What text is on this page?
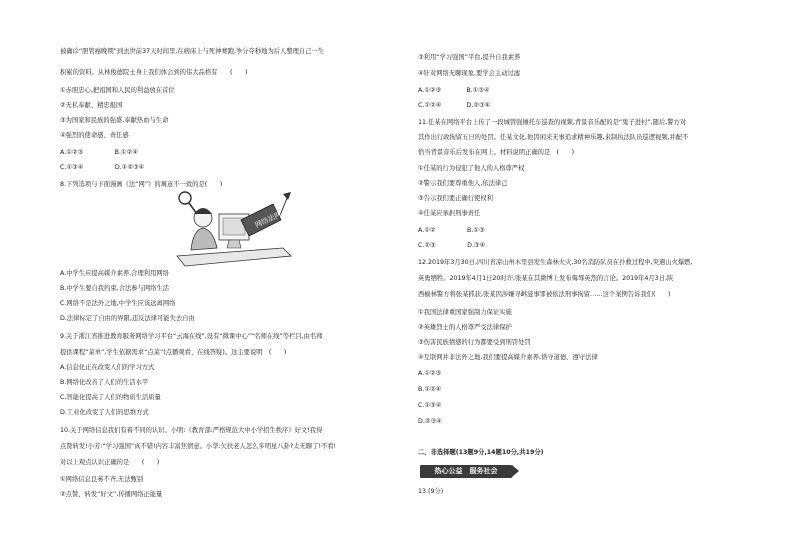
被确诊“胆管癌晚期”到去世前37天时间里,在病床上与死神赛跑,争分夺秒地为后人整理自己一生
积累的资料。从林俊德院士身上我们体会到的伟大品格有　　(　　)
①赤胆忠心,把祖国和人民的利益放在首位
②无私奉献、精忠报国
③为国家和民族的强盛,奉献热血与生命
④强烈的使命感、责任感
A.①②③　　　　　B.①②④
C.①③④　　　　　D.①②③④
8.下列选项与下面漫画《法“网”》的寓意不一致的是(　　)
A.中学生应提高媒介素养,合理利用网络
B.中学生要自我约束,合法参与网络生活
C.网络不是法外之地,中学生应该远离网络
D.法律标定了自由的界限,违反法律可能失去自由
9.关于浙江省推进教育服务网络学习平台“云海在线”,设有“微课中心”“名师在线”等栏目,由名师
提供课程“菜单”,学生依据需求“点菜”(点播观看、在线答疑)。这主要说明　(　　)
A.信息化正在改变人们的学习方式
B.网络化改善了人们的生活水平
C.智能化提高了人们的物质生活质量
D.工业化改变了人们的思维方式
10.关于网络信息我们有着不同的认识。小明:《教育部:严格规范大中小学招生秩序》好文!我得
点赞转发!小芳:“学习强国”真不错!内容丰富焦情意。小华:欠扶老人怎么多明星八卦?太无聊了!不看!
对以上观点认识正确的是　　(　　)
①网络信息良莠不齐,无法甄别
②点赞、转发“好文”,传播网络正能量
网络法网
③利用“学习强国”平台,提升自我素养
④针对网络无聊现象,要学会主动过滤
A.①②③　　　　B.①③④
C.①②④　　　　D.②③④
11.任某在网络平台上传了一段城管强摊托车巡查的视频,背景音乐配的是“鬼子进村”,随后,警方对
其作出行政拘留五日的处罚。任某文化,他因闲来无事追求精神乐趣,来制执法队员巡逻视频,并配不
恰当背景音乐后发布在网上。材料说明正确的是　(　　)
①任某的行为侵犯了他人的人格尊严权
②警示我们要尊重他人,依法律己
③告示我们要正确行使权利
④任某应承担刑事责任
A.①②　　　　　B.①③
C.②③　　　　　D.③④
12.2019年3月30日,四川省凉山州木里县发生森林火灾,30名消防队员在扑救过程中,突遇山火爆燃,
英勇牺牲。2019年4月1日20时许,张某在其微博上发布侮辱英烈的言论。2019年4月3日,陕
西榆林警方将张某抓获,张某因涉嫌寻衅滋事罪被依法刑事拘留……这个案例告诉我们(　　)
①我国法律重国家强制力保证实施
②英雄烈士的人格尊严受法律保护
③伤害民族情感的行为都要受到刑罚处罚
④互联网并非法外之地,我们要提高媒介素养,恪守道德、遵守法律
A.①②③
B.①②④
C.①③④
D.②③④
二、非选择题(13题9分,14题10分,共19分)
13.(9分)
热心公益　服务社会
